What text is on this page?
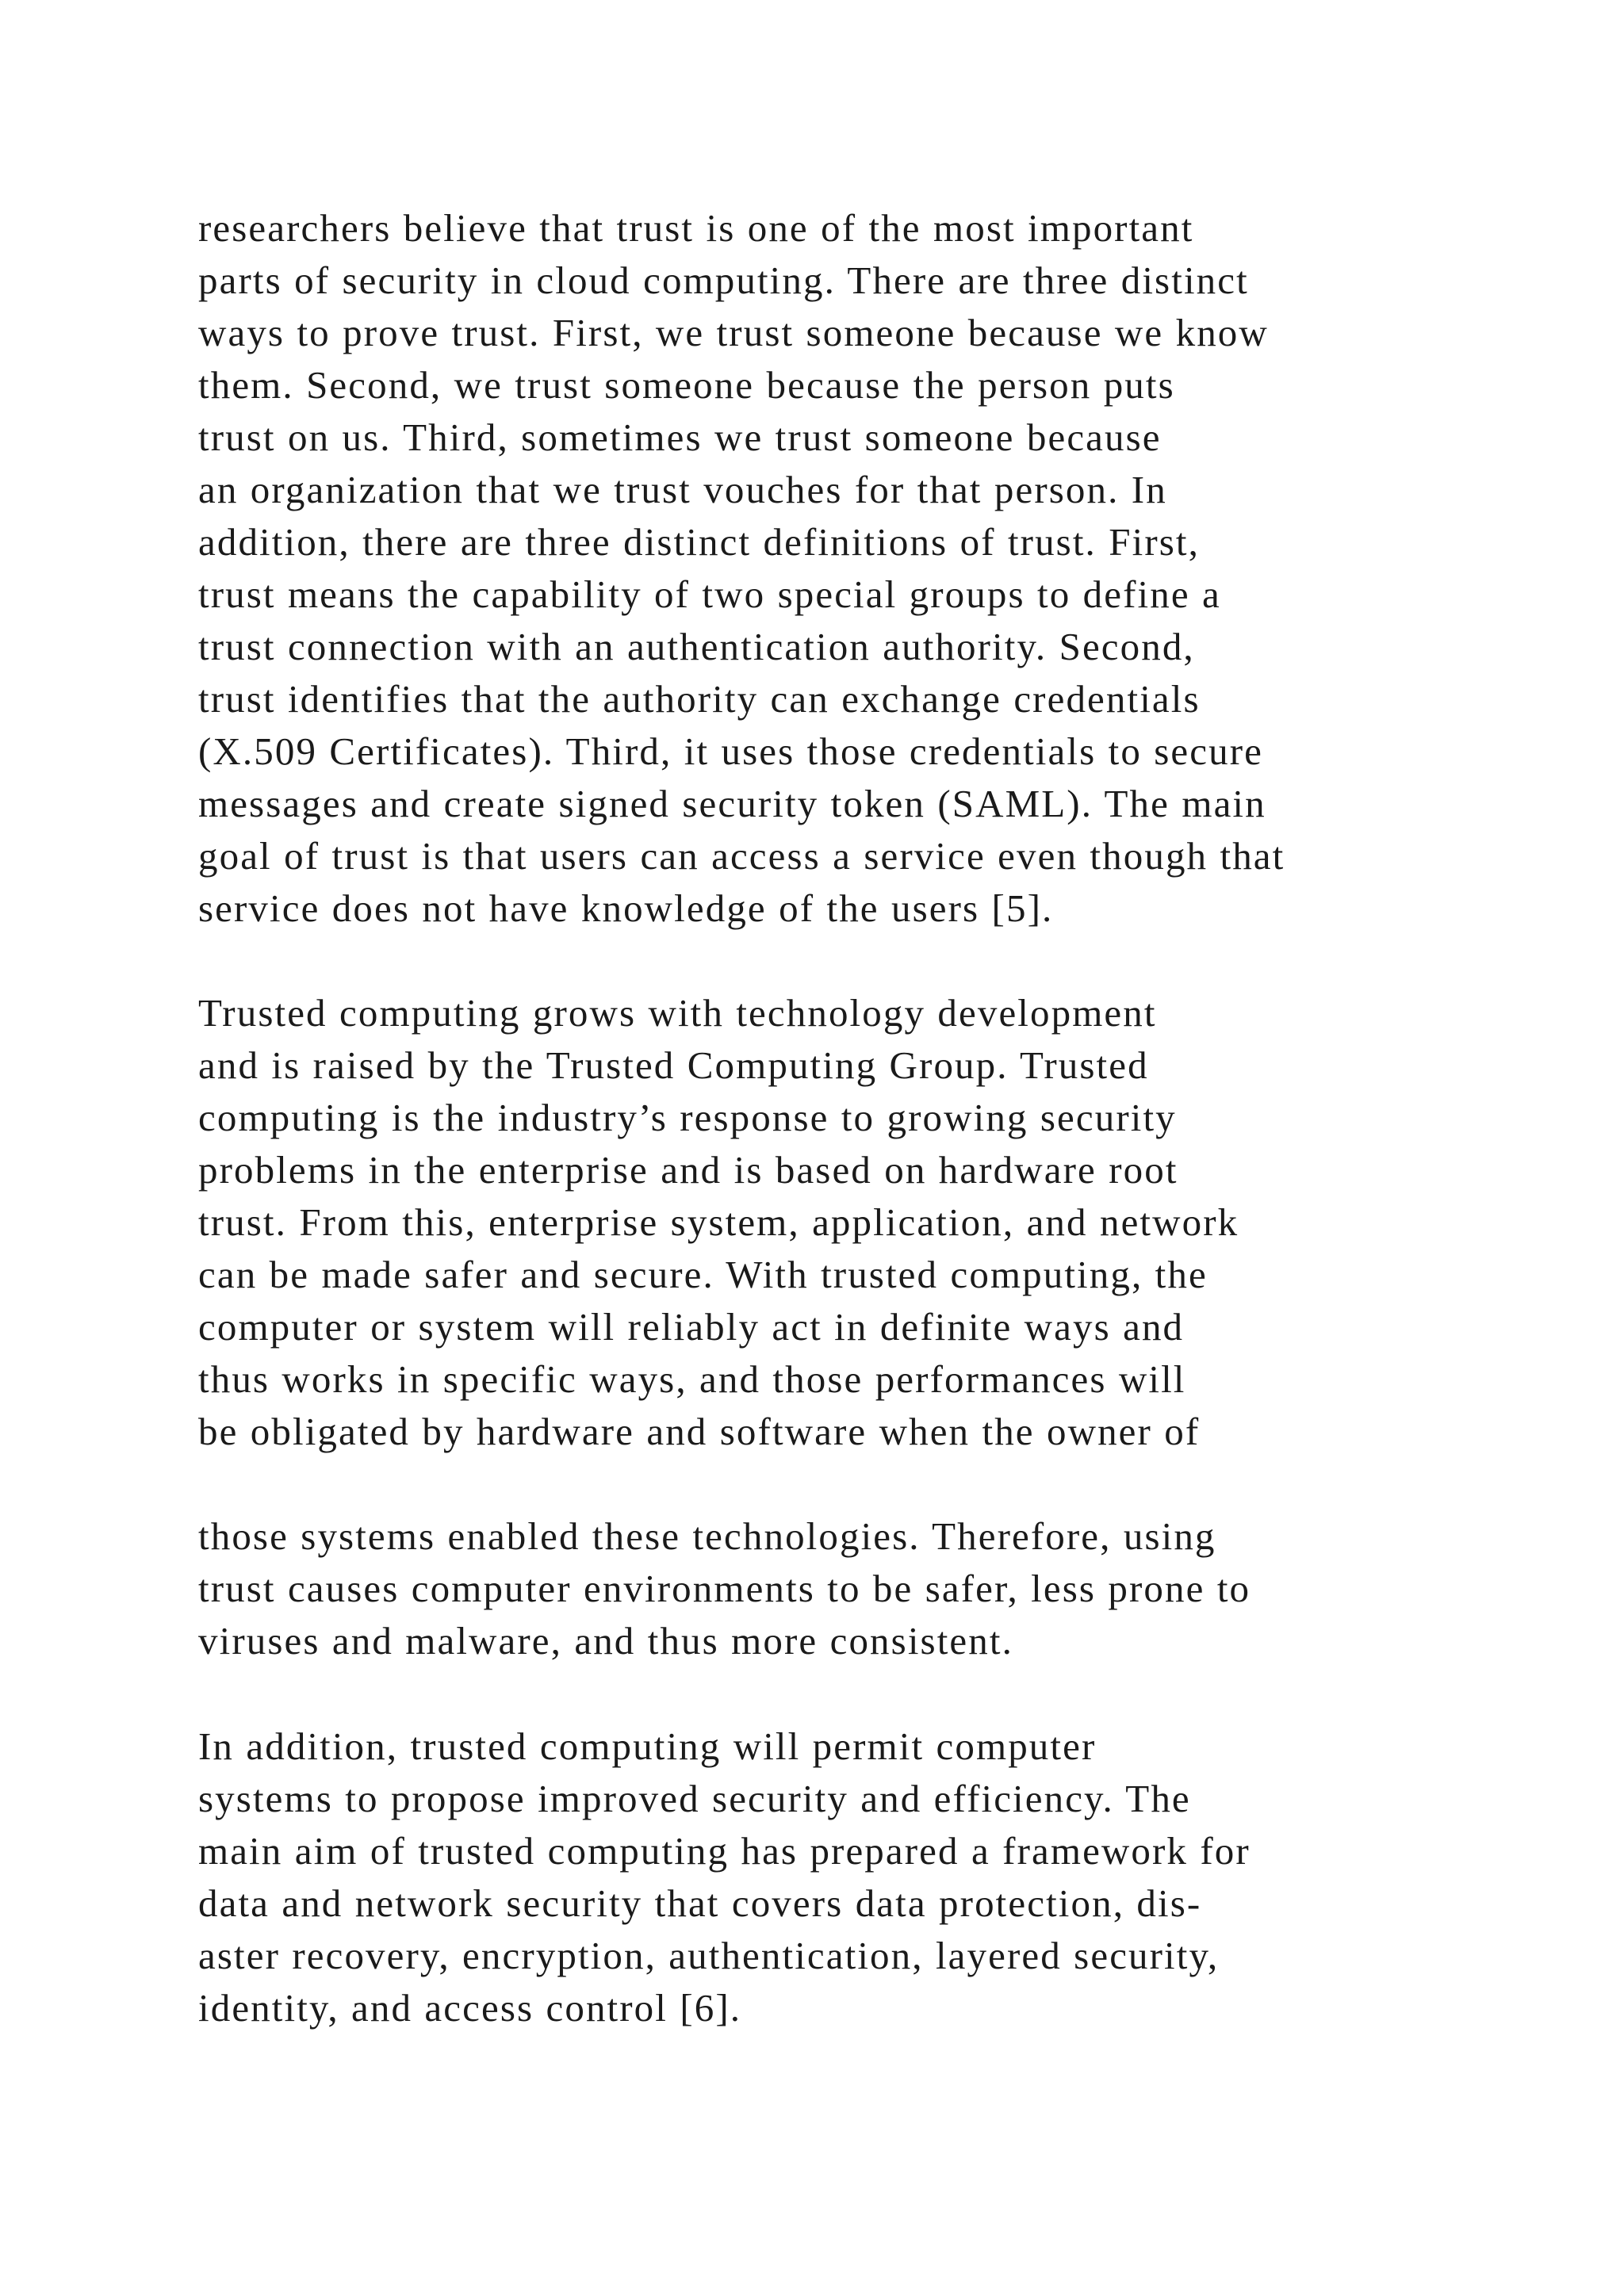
researchers believe that trust is one of the most important
parts of security in cloud computing. There are three distinct
ways to prove trust. First, we trust someone because we know
them. Second, we trust someone because the person puts
trust on us. Third, sometimes we trust someone because
an organization that we trust vouches for that person. In
addition, there are three distinct definitions of trust. First,
trust means the capability of two special groups to define a
trust connection with an authentication authority. Second,
trust identifies that the authority can exchange credentials
(X.509 Certificates). Third, it uses those credentials to secure
messages and create signed security token (SAML). The main
goal of trust is that users can access a service even though that
service does not have knowledge of the users [5].
Trusted computing grows with technology development
and is raised by the Trusted Computing Group. Trusted
computing is the industry’s response to growing security
problems in the enterprise and is based on hardware root
trust. From this, enterprise system, application, and network
can be made safer and secure. With trusted computing, the
computer or system will reliably act in definite ways and
thus works in specific ways, and those performances will
be obligated by hardware and software when the owner of
those systems enabled these technologies. Therefore, using
trust causes computer environments to be safer, less prone to
viruses and malware, and thus more consistent.
In addition, trusted computing will permit computer
systems to propose improved security and efficiency. The
main aim of trusted computing has prepared a framework for
data and network security that covers data protection, dis-
aster recovery, encryption, authentication, layered security,
identity, and access control [6].
